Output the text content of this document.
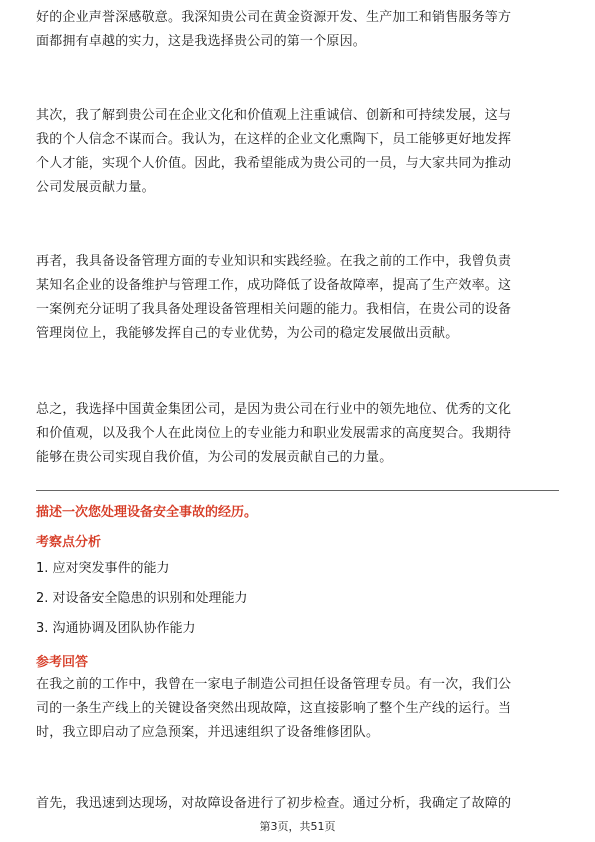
好的企业声誉深感敬意。我深知贵公司在黄金资源开发、生产加工和销售服务等方

面都拥有卓越的实力，这是我选择贵公司的第一个原因。

其次，我了解到贵公司在企业文化和价值观上注重诚信、创新和可持续发展，这与

我的个人信念不谋而合。我认为，在这样的企业文化熏陶下，员工能够更好地发挥

个人才能，实现个人价值。因此，我希望能成为贵公司的一员，与大家共同为推动

公司发展贡献力量。

再者，我具备设备管理方面的专业知识和实践经验。在我之前的工作中，我曾负责

某知名企业的设备维护与管理工作，成功降低了设备故障率，提高了生产效率。这

一案例充分证明了我具备处理设备管理相关问题的能力。我相信，在贵公司的设备

管理岗位上，我能够发挥自己的专业优势，为公司的稳定发展做出贡献。

总之，我选择中国黄金集团公司，是因为贵公司在行业中的领先地位、优秀的文化

和价值观，以及我个人在此岗位上的专业能力和职业发展需求的高度契合。我期待

能够在贵公司实现自我价值，为公司的发展贡献自己的力量。

描述一次您处理设备安全事故的经历。
考察点分析
1. 应对突发事件的能力
2. 对设备安全隐患的识别和处理能力
3. 沟通协调及团队协作能力
参考回答

在我之前的工作中，我曾在一家电子制造公司担任设备管理专员。有一次，我们公

司的一条生产线上的关键设备突然出现故障，这直接影响了整个生产线的运行。当

时，我立即启动了应急预案，并迅速组织了设备维修团队。

首先，我迅速到达现场，对故障设备进行了初步检查。通过分析，我确定了故障的

第3页，共51页
